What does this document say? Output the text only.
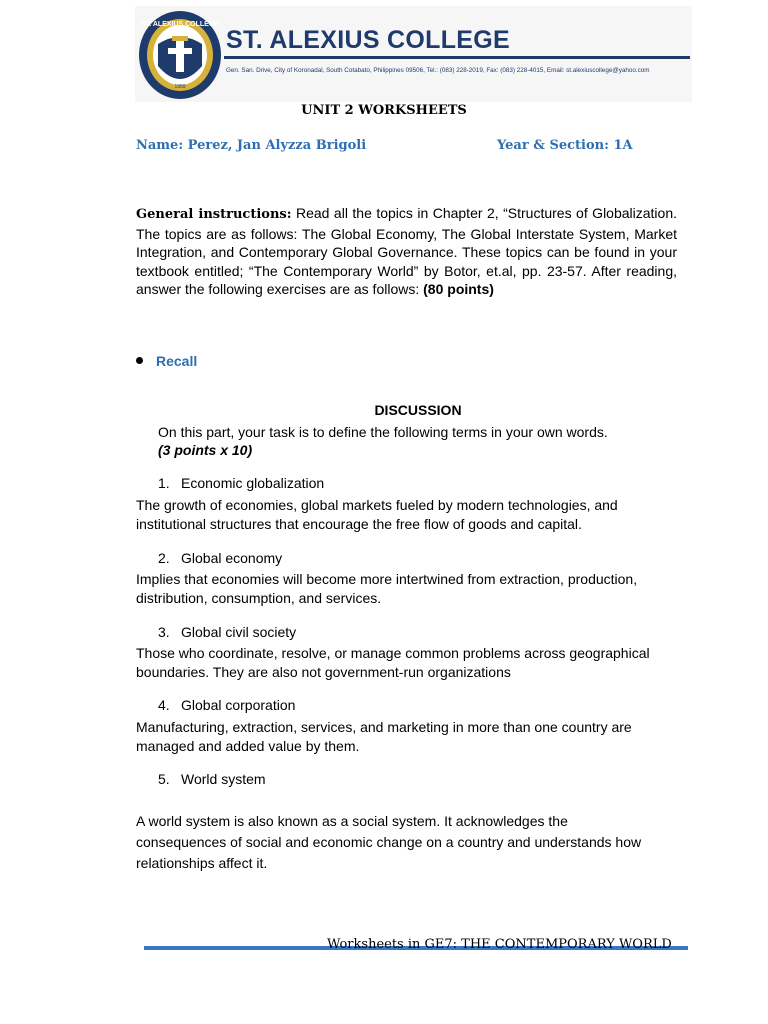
ST. ALEXIUS COLLEGE
1959
ST. ALEXIUS COLLEGE
Gen. San. Drive, City of Koronadal, South Cotabato, Philippines 09506, Tel.: (083) 228-2019, Fax: (083) 228-4015, Email: st.alexiuscollege@yahoo.com
UNIT 2 WORKSHEETS
Name: Perez, Jan Alyzza Brigoli	Year & Section: 1A
General instructions: Read all the topics in Chapter 2, “Structures of Globalization. The topics are as follows: The Global Economy, The Global Interstate System, Market Integration, and Contemporary Global Governance. These topics can be found in your textbook entitled; “The Contemporary World” by Botor, et.al, pp. 23-57. After reading, answer the following exercises are as follows: (80 points)
Recall
DISCUSSION
On this part, your task is to define the following terms in your own words.
(3 points x 10)
1. Economic globalization
The growth of economies, global markets fueled by modern technologies, and institutional structures that encourage the free flow of goods and capital.
2. Global economy
Implies that economies will become more intertwined from extraction, production, distribution, consumption, and services.
3. Global civil society
Those who coordinate, resolve, or manage common problems across geographical boundaries. They are also not government-run organizations
4. Global corporation
Manufacturing, extraction, services, and marketing in more than one country are managed and added value by them.
5. World system
A world system is also known as a social system. It acknowledges the consequences of social and economic change on a country and understands how relationships affect it.
Worksheets in GE7: THE CONTEMPORARY WORLD
